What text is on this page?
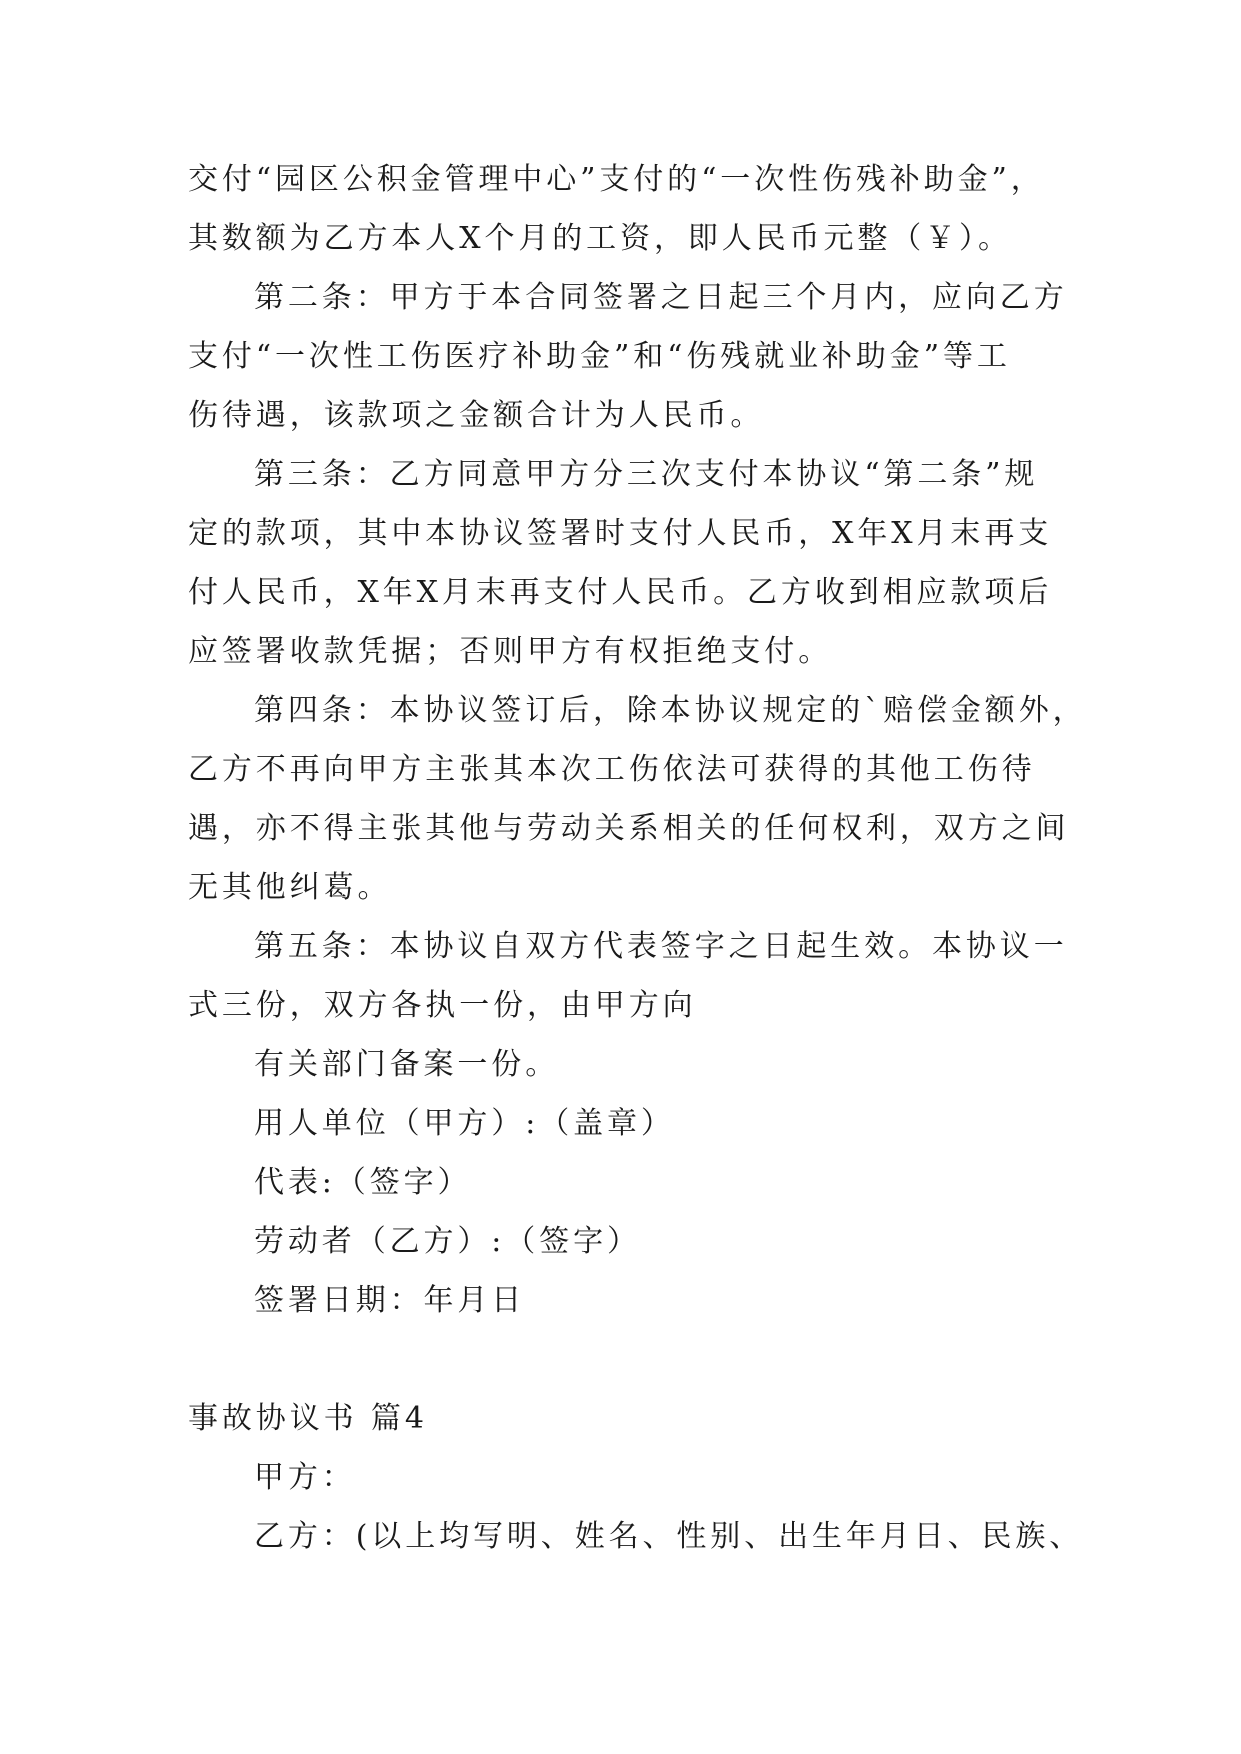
交付“园区公积金管理中心”支付的“一次性伤残补助金”，
其数额为乙方本人X个月的工资，即人民币元整（￥）。
第二条：甲方于本合同签署之日起三个月内，应向乙方
支付“一次性工伤医疗补助金”和“伤残就业补助金”等工
伤待遇，该款项之金额合计为人民币。
第三条：乙方同意甲方分三次支付本协议“第二条”规
定的款项，其中本协议签署时支付人民币，X年X月末再支
付人民币，X年X月末再支付人民币。乙方收到相应款项后
应签署收款凭据；否则甲方有权拒绝支付。
第四条：本协议签订后，除本协议规定的`赔偿金额外，
乙方不再向甲方主张其本次工伤依法可获得的其他工伤待
遇，亦不得主张其他与劳动关系相关的任何权利，双方之间
无其他纠葛。
第五条：本协议自双方代表签字之日起生效。本协议一
式三份，双方各执一份，由甲方向
有关部门备案一份。
用人单位（甲方）:（盖章）
代表:（签字）
劳动者（乙方）:（签字）
签署日期：年月日
事故协议书 篇4
甲方：
乙方：(以上均写明、姓名、性别、出生年月日、民族、
